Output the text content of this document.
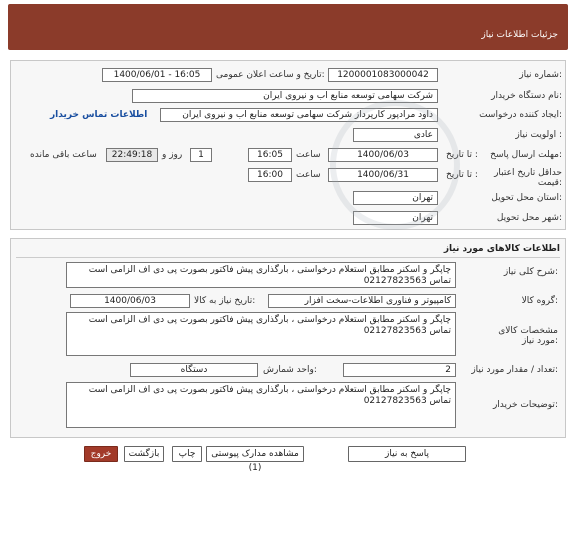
جزئیات اطلاعات نیاز
شماره نیاز:
1200001083000042
تاریخ و ساعت اعلان عمومی:
1400/06/01 - 16:05
نام دستگاه خریدار:
شرکت سهامی توسعه منابع اب و نیروی ایران
ایجاد کننده درخواست:
داود مرادپور کارپرداز شرکت سهامی توسعه منابع اب و نیروی ایران
اطلاعات تماس خریدار
اولویت نیاز :
عادی
مهلت ارسال پاسخ:
تا تاریخ :
1400/06/03
ساعت
16:05
1
روز و
22:49:18
ساعت باقی مانده
حداقل تاریخ اعتبار قیمت:
تا تاریخ :
1400/06/31
ساعت
16:00
استان محل تحویل:
تهران
شهر محل تحویل:
تهران
اطلاعات کالاهای مورد نیاز
شرح کلی نیاز:
چاپگر و اسکنر مطابق استعلام درخواستی ، بارگذاری پیش فاکتور بصورت پی دی اف الزامی است تماس 02127823563
گروه کالا:
کامپیوتر و فناوری اطلاعات-سخت افزار
تاریخ نیاز به کالا:
1400/06/03
مشخصات کالای مورد نیاز:
چاپگر و اسکنر مطابق استعلام درخواستی ، بارگذاری پیش فاکتور بصورت پی دی اف الزامی است تماس 02127823563
تعداد / مقدار مورد نیاز:
2
واحد شمارش:
دستگاه
توضیحات خریدار:
چاپگر و اسکنر مطابق استعلام درخواستی ، بارگذاری پیش فاکتور بصورت پی دی اف الزامی است تماس 02127823563
پاسخ به نیاز
مشاهده مدارک پیوستی (1)
چاپ
بازگشت
خروج
